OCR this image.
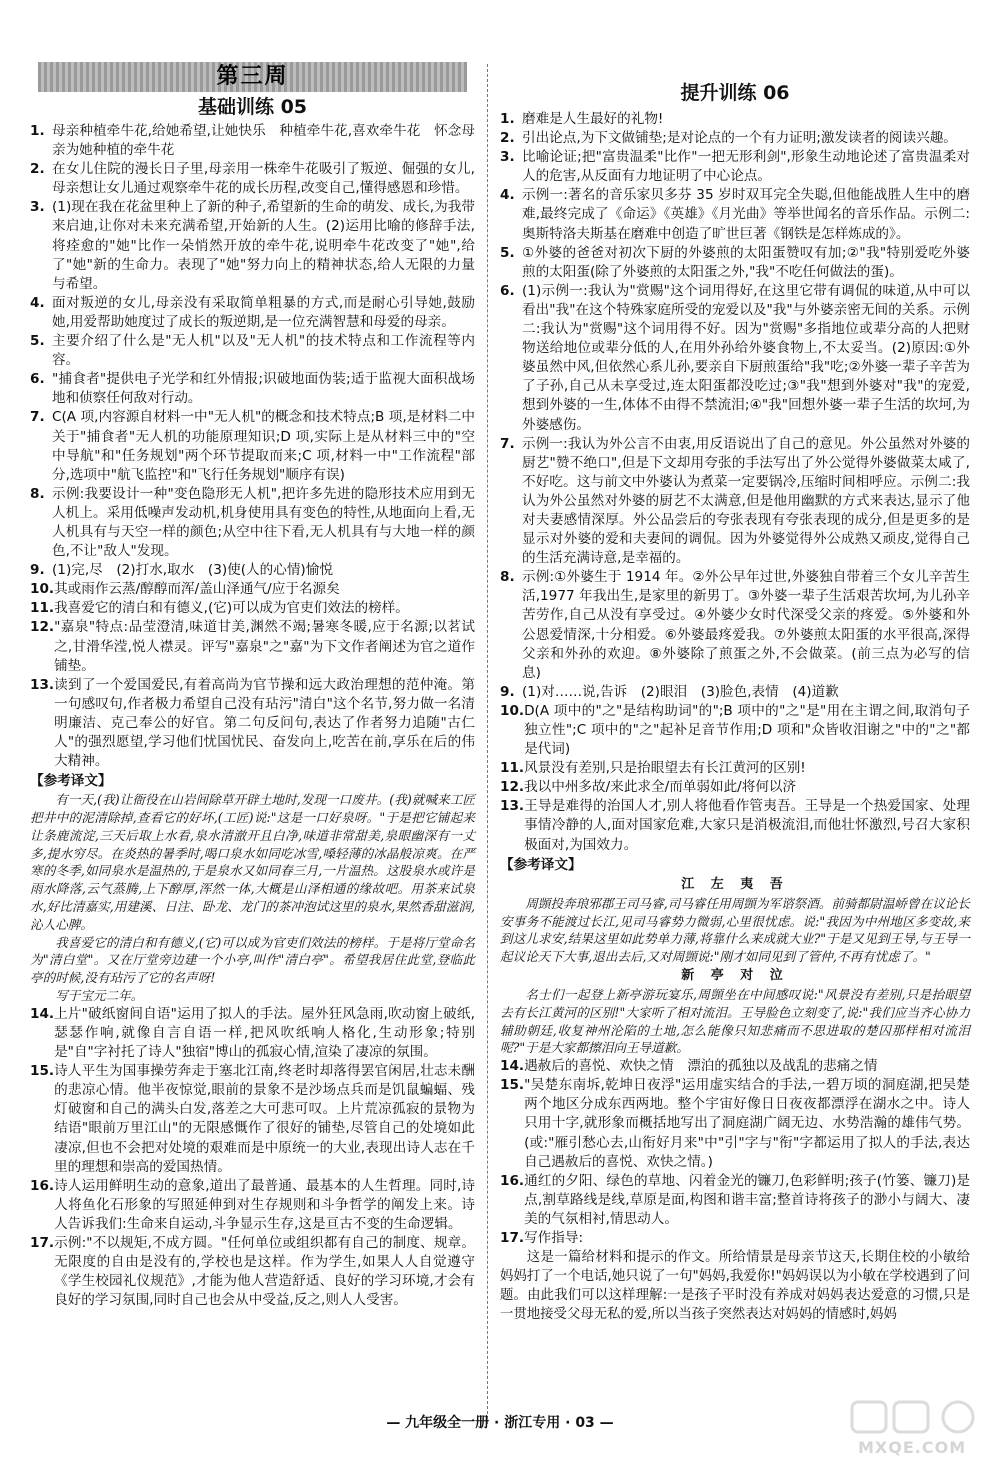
第三周
基础训练 05
1. 母亲种植牵牛花,给她希望,让她快乐　种植牵牛花,喜欢牵牛花　怀念母亲为她种植的牵牛花
2. 在女儿住院的漫长日子里,母亲用一株牵牛花吸引了叛逆、倔强的女儿,母亲想让女儿通过观察牵牛花的成长历程,改变自己,懂得感恩和珍惜。
3. (1)现在我在花盆里种上了新的种子,希望新的生命的萌发、成长,为我带来启迪,让你对未来充满希望,开始新的人生。(2)运用比喻的修辞手法,将痊愈的"她"比作一朵悄然开放的牵牛花,说明牵牛花改变了"她",给了"她"新的生命力。表现了"她"努力向上的精神状态,给人无限的力量与希望。
4. 面对叛逆的女儿,母亲没有采取简单粗暴的方式,而是耐心引导她,鼓励她,用爱帮助她度过了成长的叛逆期,是一位充满智慧和母爱的母亲。
5. 主要介绍了什么是"无人机"以及"无人机"的技术特点和工作流程等内容。
6. "捕食者"提供电子光学和红外情报;识破地面伪装;适于监视大面积战场地和侦察任何敌对行动。
7. C(A 项,内容源自材料一中"无人机"的概念和技术特点;B 项,是材料二中关于"捕食者"无人机的功能原理知识;D 项,实际上是从材料三中的"空中导航"和"任务规划"两个环节提取而来;C 项,材料一中"工作流程"部分,选项中"航飞监控"和"飞行任务规划"顺序有误)
8. 示例:我要设计一种"变色隐形无人机",把许多先进的隐形技术应用到无人机上。采用低噪声发动机,机身使用具有变色的特性,从地面向上看,无人机具有与天空一样的颜色;从空中往下看,无人机具有与大地一样的颜色,不让"敌人"发现。
9. (1)完,尽　(2)打水,取水　(3)使(人的心情)愉悦
10. 其或雨作云蒸/醇醇而浑/盖山泽通气/应于名源矣
11. 我喜爱它的清白和有德义,(它)可以成为官吏们效法的榜样。
12. "嘉泉"特点:品莹澄清,味道甘美,渊然不竭;暑寒冬暖,应于名源;以茗试之,甘滑华滢,悦人襟灵。评写"嘉泉"之"嘉"为下文作者阐述为官之道作铺垫。
13. 读到了一个爱国爱民,有着高尚为官节操和远大政治理想的范仲淹。第一句感叹句,作者极力希望自己没有玷污"清白"这个名节,努力做一名清明廉洁、克己奉公的好官。第二句反问句,表达了作者努力追随"古仁人"的强烈愿望,学习他们忧国忧民、奋发向上,吃苦在前,享乐在后的伟大精神。
【参考译文】

有一天,(我)让衙役在山岩间除草开辟土地时,发现一口废井。(我)就喊来工匠把井中的泥清除掉,查看它的好坏,(工匠)说:"这是一口好泉呀。"于是把它铺起来让条鹿流淀,三天后取上水看,泉水清澈开且白净,味道非常甜美,泉眼幽深有一丈多,提水穷尽。在炎热的暑季时,喝口泉水如同吃冰雪,嗓轻薄的冰晶般凉爽。在严寒的冬季,如同泉水是温热的,于是泉水又如同春三月,一片温热。这股泉水或许是雨水降落,云气蒸腾,上下醇厚,浑然一体,大概是山泽相通的缘故吧。用茶来试泉水,好比清嘉实,用建溪、日注、卧龙、龙门的茶冲泡试这里的泉水,果然香甜滋润,沁人心脾。

我喜爱它的清白和有德义,(它)可以成为官吏们效法的榜样。于是将厅堂命名为"清白堂"。又在厅堂旁边建一个小亭,叫作"清白亭"。希望我居住此堂,登临此亭的时候,没有玷污了它的名声呀!

写于宝元二年。

14. 上片"破纸窗间自语"运用了拟人的手法。屋外狂风急雨,吹动窗上破纸,瑟瑟作响,就像自言自语一样,把风吹纸响人格化,生动形象;特别是"自"字衬托了诗人"独宿"博山的孤寂心情,渲染了凄凉的氛围。
15. 诗人平生为国事操劳奔走于塞北江南,终老时却落得罢官闲居,壮志未酬的悲凉心情。他半夜惊觉,眼前的景象不是沙场点兵而是饥鼠蝙蝠、残灯破窗和自己的满头白发,落差之大可悲可叹。上片荒凉孤寂的景物为结语"眼前万里江山"的无限感慨作了很好的铺垫,尽管自己的处境如此凄凉,但也不会把对处境的艰难而是中原统一的大业,表现出诗人志在千里的理想和崇高的爱国热情。
16. 诗人运用鲜明生动的意象,道出了最普通、最基本的人生哲理。同时,诗人将鱼化石形象的写照延伸到对生存规则和斗争哲学的阐发上来。诗人告诉我们:生命来自运动,斗争显示生存,这是亘古不变的生命逻辑。
17. 示例:"不以规矩,不成方圆。"任何单位或组织都有自己的制度、规章。无限度的自由是没有的,学校也是这样。作为学生,如果人人自觉遵守《学生校园礼仪规范》,才能为他人营造舒适、良好的学习环境,才会有良好的学习氛围,同时自己也会从中受益,反之,则人人受害。
提升训练 06
1. 磨难是人生最好的礼物!
2. 引出论点,为下文做铺垫;是对论点的一个有力证明;激发读者的阅读兴趣。
3. 比喻论证;把"富贵温柔"比作"一把无形利剑",形象生动地论述了富贵温柔对人的危害,从反面有力地证明了中心论点。
4. 示例一:著名的音乐家贝多芬 35 岁时双耳完全失聪,但他能战胜人生中的磨难,最终完成了《命运》《英雄》《月光曲》等举世闻名的音乐作品。示例二:奥斯特洛夫斯基在磨难中创造了旷世巨著《钢铁是怎样炼成的》。
5. ①外婆的爸爸对初次下厨的外婆煎的太阳蛋赞叹有加;②"我"特别爱吃外婆煎的太阳蛋(除了外婆煎的太阳蛋之外,"我"不吃任何做法的蛋)。
6. (1)示例一:我认为"赏赐"这个词用得好,在这里它带有调侃的味道,从中可以看出"我"在这个特殊家庭所受的宠爱以及"我"与外婆亲密无间的关系。示例二:我认为"赏赐"这个词用得不好。因为"赏赐"多指地位或辈分高的人把财物送给地位或辈分低的人,在用外孙给外婆食物上,不太妥当。(2)原因:①外婆虽然中风,但依然心系儿孙,要亲自下厨煎蛋给"我"吃;②外婆一辈子辛苦为了子孙,自己从未享受过,连太阳蛋都没吃过;③"我"想到外婆对"我"的宠爱,想到外婆的一生,体体不由得不禁流泪;④"我"回想外婆一辈子生活的坎坷,为外婆感伤。
7. 示例一:我认为外公言不由衷,用反语说出了自己的意见。外公虽然对外婆的厨艺"赞不绝口",但是下文却用夸张的手法写出了外公觉得外婆做菜太咸了,不好吃。这与前文中外婆认为煮菜一定要锅冷,压缩时间相呼应。示例二:我认为外公虽然对外婆的厨艺不太满意,但是他用幽默的方式来表达,显示了他对夫妻感情深厚。外公品尝后的夸张表现有夸张表现的成分,但是更多的是显示对外婆的爱和夫妻间的调侃。因为外婆觉得外公成熟又顽皮,觉得自己的生活充满诗意,是幸福的。
8. 示例:①外婆生于 1914 年。②外公早年过世,外婆独自带着三个女儿辛苦生活,1977 年我出生,是家里的新男丁。③外婆一辈子生活艰苦坎坷,为儿孙辛苦劳作,自己从没有享受过。④外婆少女时代深受父亲的疼爱。⑤外婆和外公恩爱情深,十分相爱。⑥外婆最疼爱我。⑦外婆煎太阳蛋的水平很高,深得父亲和外孙的欢迎。⑧外婆除了煎蛋之外,不会做菜。(前三点为必写的信息)
9. (1)对……说,告诉　(2)眼泪　(3)脸色,表情　(4)道歉
10. D(A 项中的"之"是结构助词"的";B 项中的"之"是"用在主谓之间,取消句子独立性";C 项中的"之"起补足音节作用;D 项和"众皆收泪谢之"中的"之"都是代词)
11. 风景没有差别,只是抬眼望去有长江黄河的区别!
12. 我以中州多故/来此求全/而单弱如此/将何以济
13. 王导是难得的治国人才,别人将他看作管夷吾。王导是一个热爱国家、处理事情冷静的人,面对国家危难,大家只是消极流泪,而他壮怀激烈,号召大家积极面对,为国效力。
【参考译文】
江 左 夷 吾

周顗投奔琅邪郡王司马睿,司马睿任用周顗为军谘祭酒。前骑都尉温峤曾在议论长安事务不能渡过长江,见司马睿势力微弱,心里很忧虑。说:"我因为中州地区多变故,来到这儿求安,结果这里如此势单力薄,将靠什么来成就大业?"于是又见到王导,与王导一起议论天下大事,退出去后,又对周顗说:"刚才如同见到了管仲,不再有忧虑了。"

新 亭 对 泣

名士们一起登上新亭游玩宴乐,周顗坐在中间感叹说:"风景没有差别,只是抬眼望去有长江黄河的区别!"大家听了相对流泪。王导脸色立刻变了,说:"我们应当齐心协力辅助朝廷,收复神州沦陷的土地,怎么能像只知悲痛而不思进取的楚囚那样相对流泪呢?"于是大家都擦泪向王导道歉。

14. 遇赦后的喜悦、欢快之情　漂泊的孤独以及战乱的悲痛之情
15. "吴楚东南坼,乾坤日夜浮"运用虚实结合的手法,一碧万顷的洞庭湖,把吴楚两个地区分成东西两地。整个宇宙好像日日夜夜都漂浮在湖水之中。诗人只用十字,就形象而概括地写出了洞庭湖广阔无边、水势浩瀚的雄伟气势。(或:"雁引愁心去,山衔好月来"中"引"字与"衔"字都运用了拟人的手法,表达自己遇赦后的喜悦、欢快之情。)
16. 通红的夕阳、绿色的草地、闪着金光的镰刀,色彩鲜明;孩子(竹篓、镰刀)是点,割草路线是线,草原是面,构图和谐丰富;整首诗将孩子的渺小与阔大、凄美的气氛相衬,情思动人。
17. 写作指导:

这是一篇给材料和提示的作文。所给情景是母亲节这天,长期住校的小敏给妈妈打了一个电话,她只说了一句"妈妈,我爱你!"妈妈误以为小敏在学校遇到了问题。由此我们可以这样理解:一是孩子平时没有养成对妈妈表达爱意的习惯,只是一贯地接受父母无私的爱,所以当孩子突然表达对妈妈的情感时,妈妈

— 九年级全一册 · 浙江专用 · 03 —
MXQE.COM
